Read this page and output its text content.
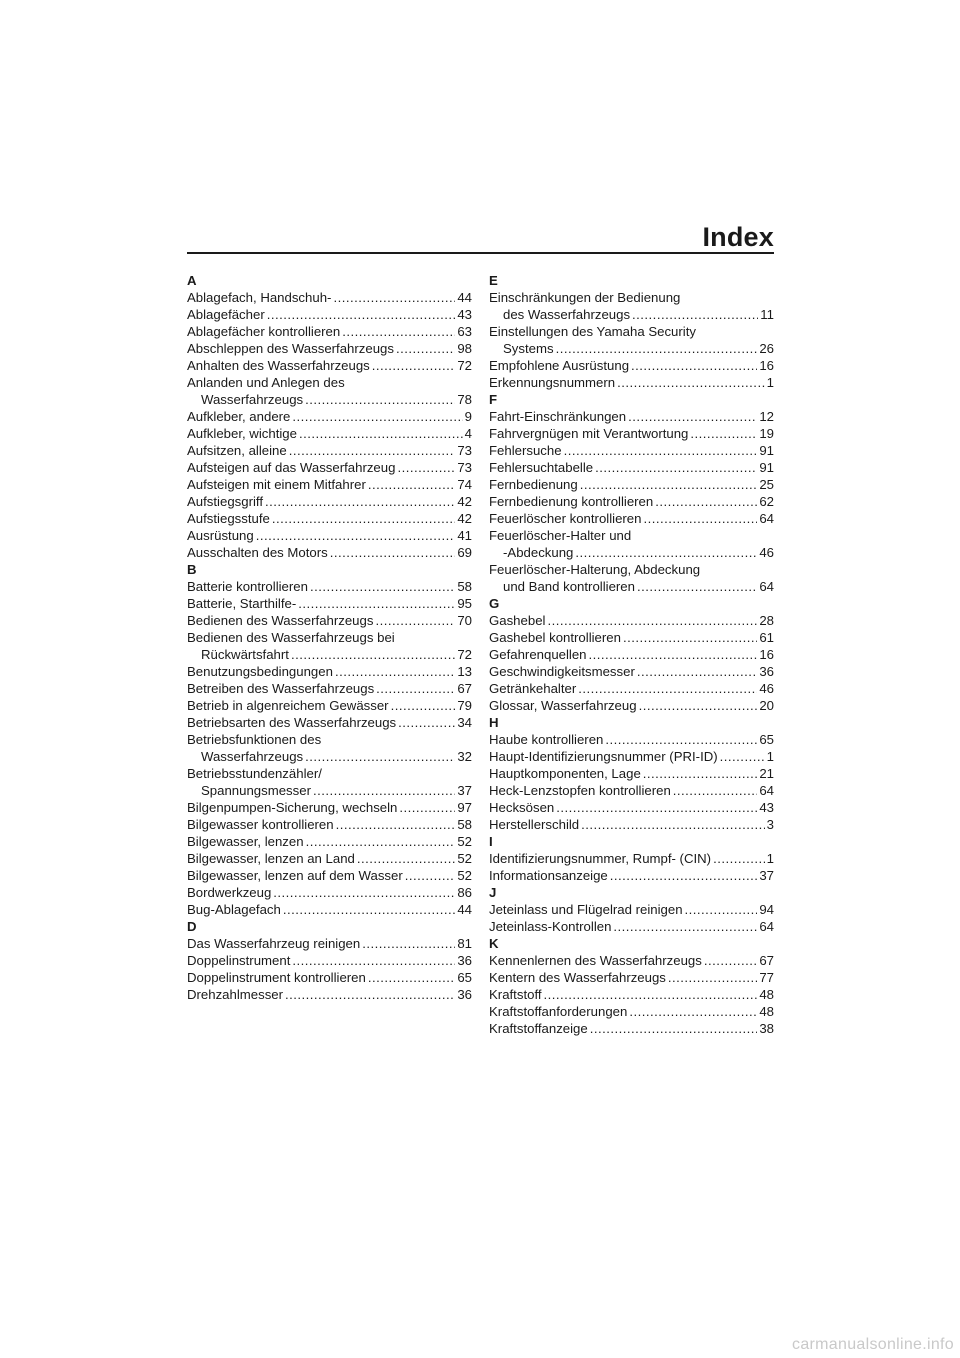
Index
A
Ablagefach, Handschuh- . . .	44
Ablagefächer . . .	43
Ablagefächer kontrollieren . . .	63
Abschleppen des Wasserfahrzeugs . . .	98
Anhalten des Wasserfahrzeugs . . .	72
Anlanden und Anlegen des
Wasserfahrzeugs . . .	78
Aufkleber, andere . . .	9
Aufkleber, wichtige . . .	4
Aufsitzen, alleine . . .	73
Aufsteigen auf das Wasserfahrzeug . . .	73
Aufsteigen mit einem Mitfahrer . . .	74
Aufstiegsgriff . . .	42
Aufstiegsstufe . . .	42
Ausrüstung . . .	41
Ausschalten des Motors . . .	69
B
Batterie kontrollieren . . .	58
Batterie, Starthilfe- . . .	95
Bedienen des Wasserfahrzeugs . . .	70
Bedienen des Wasserfahrzeugs bei
Rückwärtsfahrt . . .	72
Benutzungsbedingungen . . .	13
Betreiben des Wasserfahrzeugs . . .	67
Betrieb in algenreichem Gewässer . . .	79
Betriebsarten des Wasserfahrzeugs . . .	34
Betriebsfunktionen des
Wasserfahrzeugs . . .	32
Betriebsstundenzähler/
Spannungsmesser . . .	37
Bilgenpumpen-Sicherung, wechseln . . .	97
Bilgewasser kontrollieren . . .	58
Bilgewasser, lenzen . . .	52
Bilgewasser, lenzen an Land . . .	52
Bilgewasser, lenzen auf dem Wasser . . .	52
Bordwerkzeug . . .	86
Bug-Ablagefach . . .	44
D
Das Wasserfahrzeug reinigen . . .	81
Doppelinstrument . . .	36
Doppelinstrument kontrollieren . . .	65
Drehzahlmesser . . .	36
E
Einschränkungen der Bedienung
des Wasserfahrzeugs . . .	11
Einstellungen des Yamaha Security
Systems . . .	26
Empfohlene Ausrüstung . . .	16
Erkennungsnummern . . .	1
F
Fahrt-Einschränkungen . . .	12
Fahrvergnügen mit Verantwortung . . .	19
Fehlersuche . . .	91
Fehlersuchtabelle . . .	91
Fernbedienung . . .	25
Fernbedienung kontrollieren . . .	62
Feuerlöscher kontrollieren . . .	64
Feuerlöscher-Halter und
-Abdeckung . . .	46
Feuerlöscher-Halterung, Abdeckung
und Band kontrollieren . . .	64
G
Gashebel . . .	28
Gashebel kontrollieren . . .	61
Gefahrenquellen . . .	16
Geschwindigkeitsmesser . . .	36
Getränkehalter . . .	46
Glossar, Wasserfahrzeug . . .	20
H
Haube kontrollieren . . .	65
Haupt-Identifizierungsnummer (PRI-ID) . . .	1
Hauptkomponenten, Lage . . .	21
Heck-Lenzstopfen kontrollieren . . .	64
Hecksösen . . .	43
Herstellerschild . . .	3
I
Identifizierungsnummer, Rumpf- (CIN) . . .	1
Informationsanzeige . . .	37
J
Jeteinlass und Flügelrad reinigen . . .	94
Jeteinlass-Kontrollen . . .	64
K
Kennenlernen des Wasserfahrzeugs . . .	67
Kentern des Wasserfahrzeugs . . .	77
Kraftstoff . . .	48
Kraftstoffanforderungen . . .	48
Kraftstoffanzeige . . .	38
carmanualsonline.info
